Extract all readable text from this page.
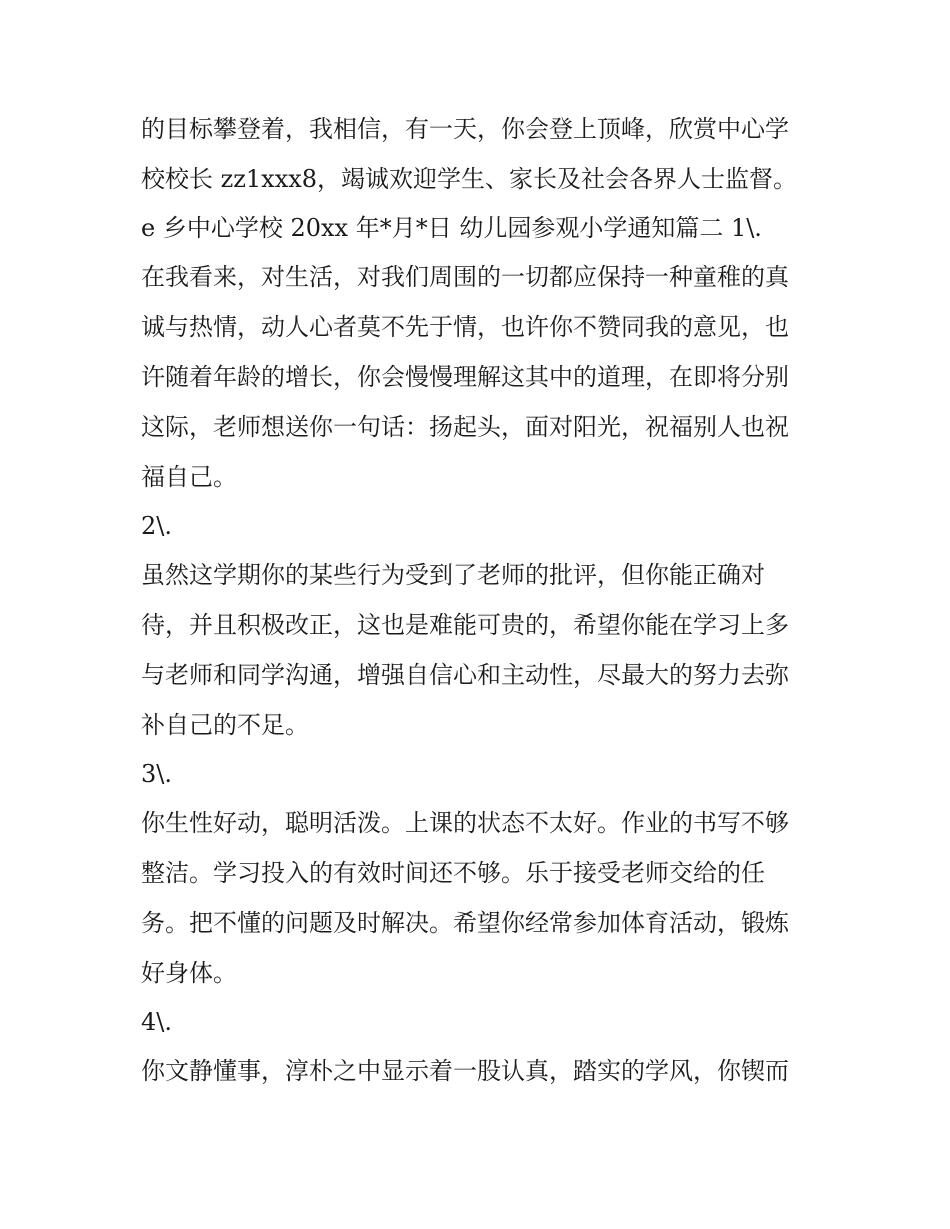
的目标攀登着，我相信，有一天，你会登上顶峰，欣赏中心学
校校长 zz1xxx8，竭诚欢迎学生、家长及社会各界人士监督。
e 乡中心学校 20xx 年*月*日 幼儿园参观小学通知篇二 1\.
在我看来，对生活，对我们周围的一切都应保持一种童稚的真
诚与热情，动人心者莫不先于情，也许你不赞同我的意见，也
许随着年龄的增长，你会慢慢理解这其中的道理，在即将分别
这际，老师想送你一句话：扬起头，面对阳光，祝福别人也祝
福自己。
2\.
虽然这学期你的某些行为受到了老师的批评，但你能正确对
待，并且积极改正，这也是难能可贵的，希望你能在学习上多
与老师和同学沟通，增强自信心和主动性，尽最大的努力去弥
补自己的不足。
3\.
你生性好动，聪明活泼。上课的状态不太好。作业的书写不够
整洁。学习投入的有效时间还不够。乐于接受老师交给的任
务。把不懂的问题及时解决。希望你经常参加体育活动，锻炼
好身体。
4\.
你文静懂事，淳朴之中显示着一股认真，踏实的学风，你锲而
